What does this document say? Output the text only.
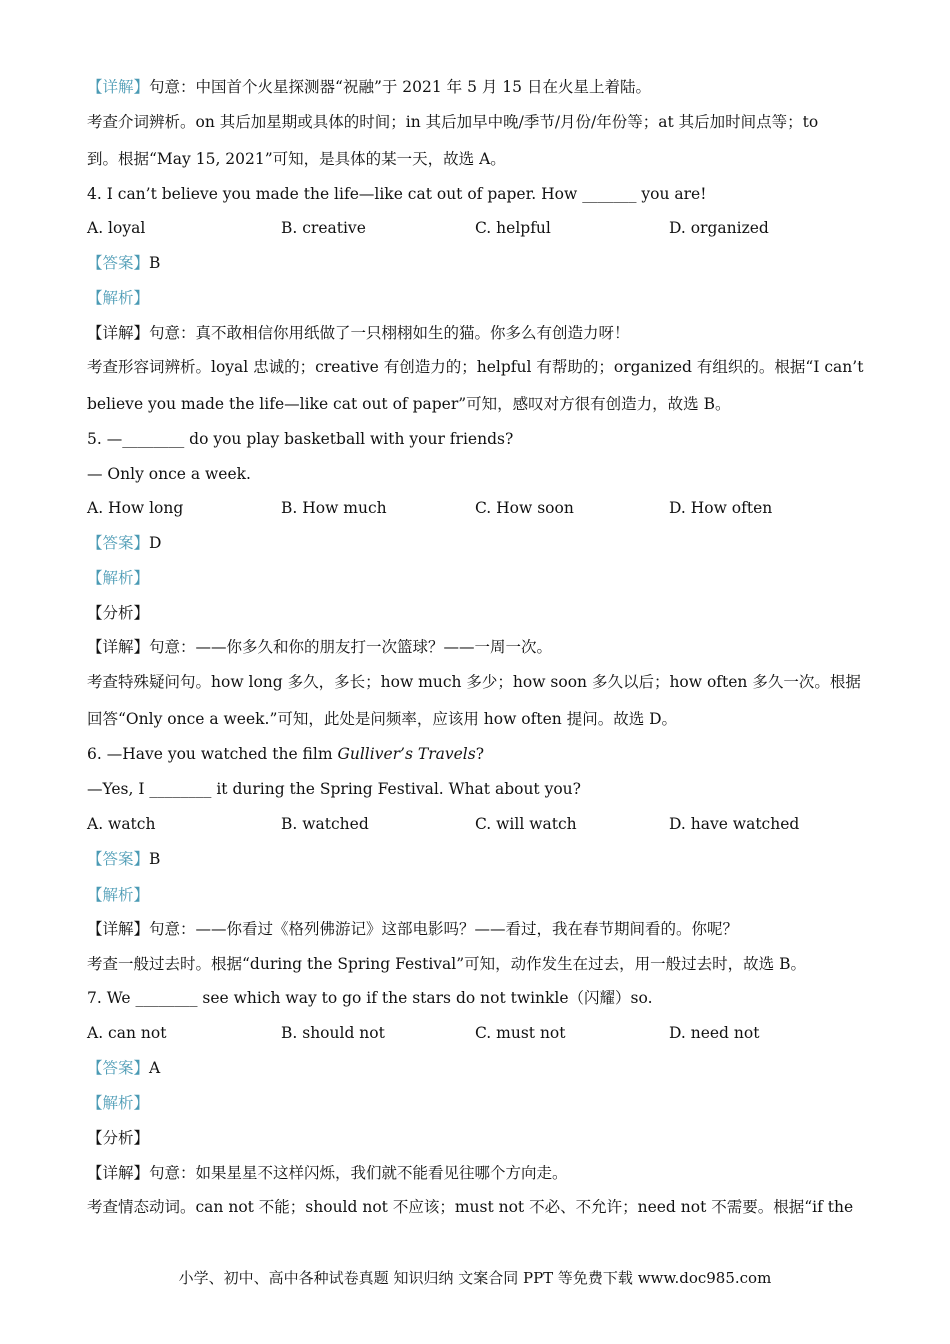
【详解】句意：中国首个火星探测器“祝融”于 2021 年 5 月 15 日在火星上着陆。
考查介词辨析。on 其后加星期或具体的时间；in 其后加早中晚/季节/月份/年份等；at 其后加时间点等；to
到。根据“May 15, 2021”可知，是具体的某一天，故选 A。
4. I can’t believe you made the life—like cat out of paper. How _______ you are!
A. loyal	B. creative	C. helpful	D. organized
【答案】B
【解析】
【详解】句意：真不敢相信你用纸做了一只栩栩如生的猫。你多么有创造力呀！
考查形容词辨析。loyal 忠诚的；creative 有创造力的；helpful 有帮助的；organized 有组织的。根据“I can’t
believe you made the life—like cat out of paper”可知，感叹对方很有创造力，故选 B。
5. —________ do you play basketball with your friends?
— Only once a week.
A. How long	B. How much	C. How soon	D. How often
【答案】D
【解析】
【分析】
【详解】句意：——你多久和你的朋友打一次篮球？——一周一次。
考查特殊疑问句。how long 多久，多长；how much 多少；how soon 多久以后；how often 多久一次。根据
回答“Only once a week.”可知，此处是问频率，应该用 how often 提问。故选 D。
6. —Have you watched the film Gulliver’s Travels?
—Yes, I ________ it during the Spring Festival. What about you?
A. watch	B. watched	C. will watch	D. have watched
【答案】B
【解析】
【详解】句意：——你看过《格列佛游记》这部电影吗？——看过，我在春节期间看的。你呢？
考查一般过去时。根据“during the Spring Festival”可知，动作发生在过去，用一般过去时，故选 B。
7. We ________ see which way to go if the stars do not twinkle（闪耀）so.
A. can not	B. should not	C. must not	D. need not
【答案】A
【解析】
【分析】
【详解】句意：如果星星不这样闪烁，我们就不能看见往哪个方向走。
考查情态动词。can not 不能；should not 不应该；must not 不必、不允许；need not 不需要。根据“if the
小学、初中、高中各种试卷真题 知识归纳 文案合同 PPT 等免费下载 www.doc985.com
